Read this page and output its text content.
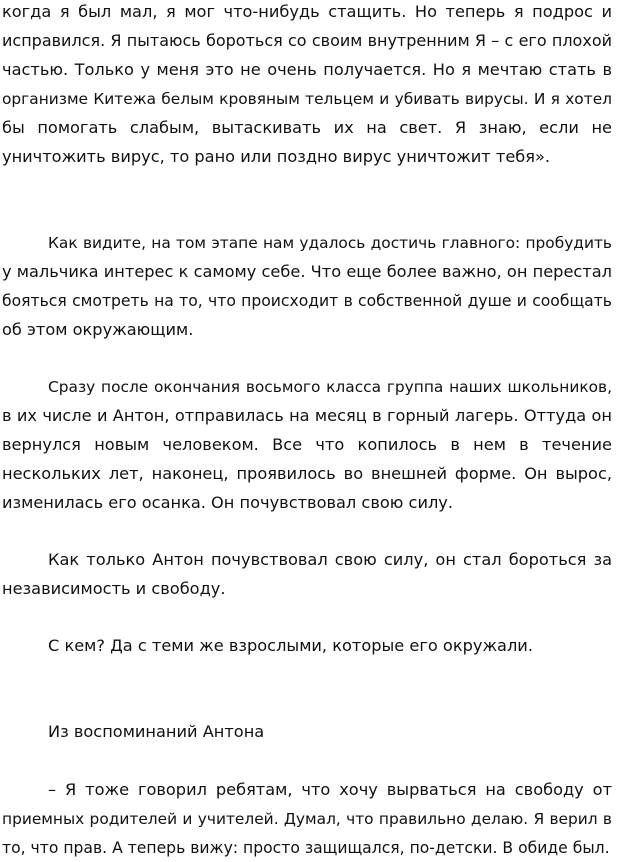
когда я был мал, я мог что-нибудь стащить. Но теперь я подрос и
исправился. Я пытаюсь бороться со своим внутренним Я – с его плохой
частью. Только у меня это не очень получается. Но я мечтаю стать в
организме Китежа белым кровяным тельцем и убивать вирусы. И я хотел
бы помогать слабым, вытаскивать их на свет. Я знаю, если не
уничтожить вирус, то рано или поздно вирус уничтожит тебя».
Как видите, на том этапе нам удалось достичь главного: пробудить
у мальчика интерес к самому себе. Что еще более важно, он перестал
бояться смотреть на то, что происходит в собственной душе и сообщать
об этом окружающим.
Сразу после окончания восьмого класса группа наших школьников,
в их числе и Антон, отправилась на месяц в горный лагерь. Оттуда он
вернулся новым человеком. Все что копилось в нем в течение
нескольких лет, наконец, проявилось во внешней форме. Он вырос,
изменилась его осанка. Он почувствовал свою силу.
Как только Антон почувствовал свою силу, он стал бороться за
независимость и свободу.
С кем? Да с теми же взрослыми, которые его окружали.
Из воспоминаний Антона
– Я тоже говорил ребятам, что хочу вырваться на свободу от
приемных родителей и учителей. Думал, что правильно делаю. Я верил в
то, что прав. А теперь вижу: просто защищался, по-детски. В обиде был.
